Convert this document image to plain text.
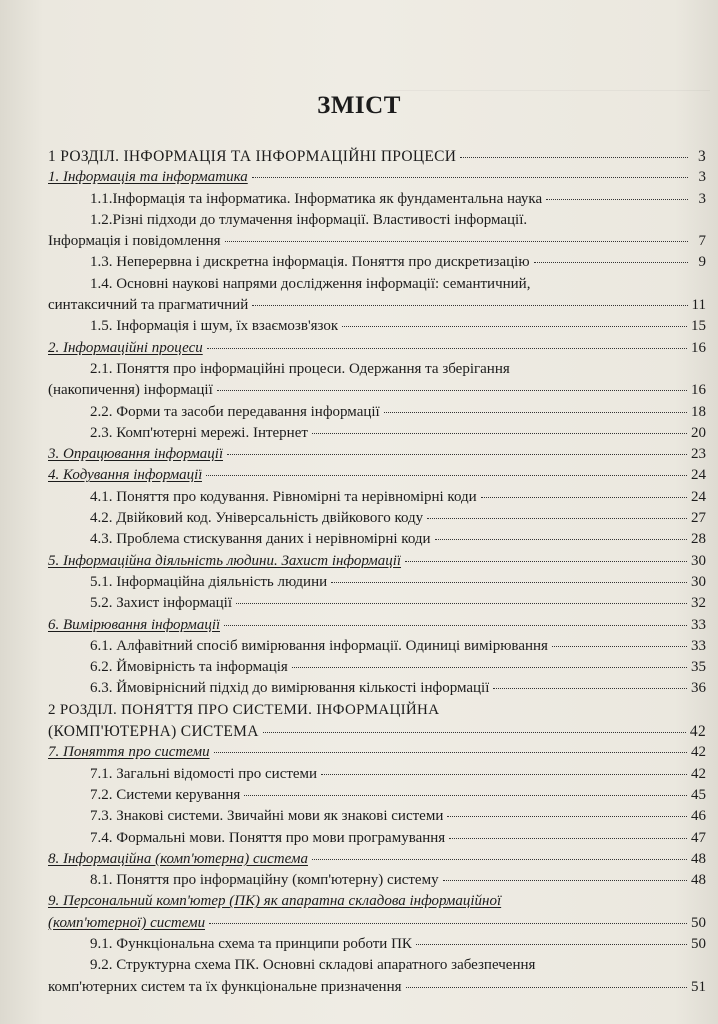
ЗМІСТ
1 РОЗДІЛ. ІНФОРМАЦІЯ ТА ІНФОРМАЦІЙНІ ПРОЦЕСИ	3
1. Інформація та інформатика	3
1.1.Інформація та інформатика. Інформатика як фундаментальна наука	3
1.2.Різні підходи до тлумачення інформації. Властивості інформації.
Інформація і повідомлення	7
1.3. Неперервна і дискретна інформація. Поняття про дискретизацію	9
1.4. Основні наукові напрями дослідження інформації: семантичний,
синтаксичний та прагматичний	11
1.5. Інформація і шум, їх взаємозв'язок	15
2. Інформаційні процеси	16
2.1. Поняття про інформаційні процеси. Одержання та зберігання
(накопичення) інформації	16
2.2. Форми та засоби передавання інформації	18
2.3. Комп'ютерні мережі. Інтернет	20
3. Опрацювання інформації	23
4. Кодування інформації	24
4.1. Поняття про кодування. Рівномірні та нерівномірні коди	24
4.2. Двійковий код. Універсальність двійкового коду	27
4.3. Проблема стискування даних і нерівномірні коди	28
5. Інформаційна діяльність людини. Захист інформації	30
5.1. Інформаційна діяльність людини	30
5.2. Захист інформації	32
6. Вимірювання інформації	33
6.1. Алфавітний спосіб вимірювання інформації. Одиниці вимірювання	33
6.2. Ймовірність та інформація	35
6.3. Ймовірнісний підхід до вимірювання кількості інформації	36
2 РОЗДІЛ. ПОНЯТТЯ ПРО СИСТЕМИ. ІНФОРМАЦІЙНА
(КОМП'ЮТЕРНА) СИСТЕМА	42
7. Поняття про системи	42
7.1. Загальні відомості про системи	42
7.2. Системи керування	45
7.3. Знакові системи. Звичайні мови як знакові системи	46
7.4. Формальні мови. Поняття про мови програмування	47
8. Інформаційна (комп'ютерна) система	48
8.1. Поняття про інформаційну (комп'ютерну) систему	48
9. Персональний комп'ютер (ПК) як апаратна складова інформаційної
(комп'ютерної) системи	50
9.1. Функціональна схема та принципи роботи ПК	50
9.2. Структурна схема ПК. Основні складові апаратного забезпечення
комп'ютерних систем та їх функціональне призначення	51
